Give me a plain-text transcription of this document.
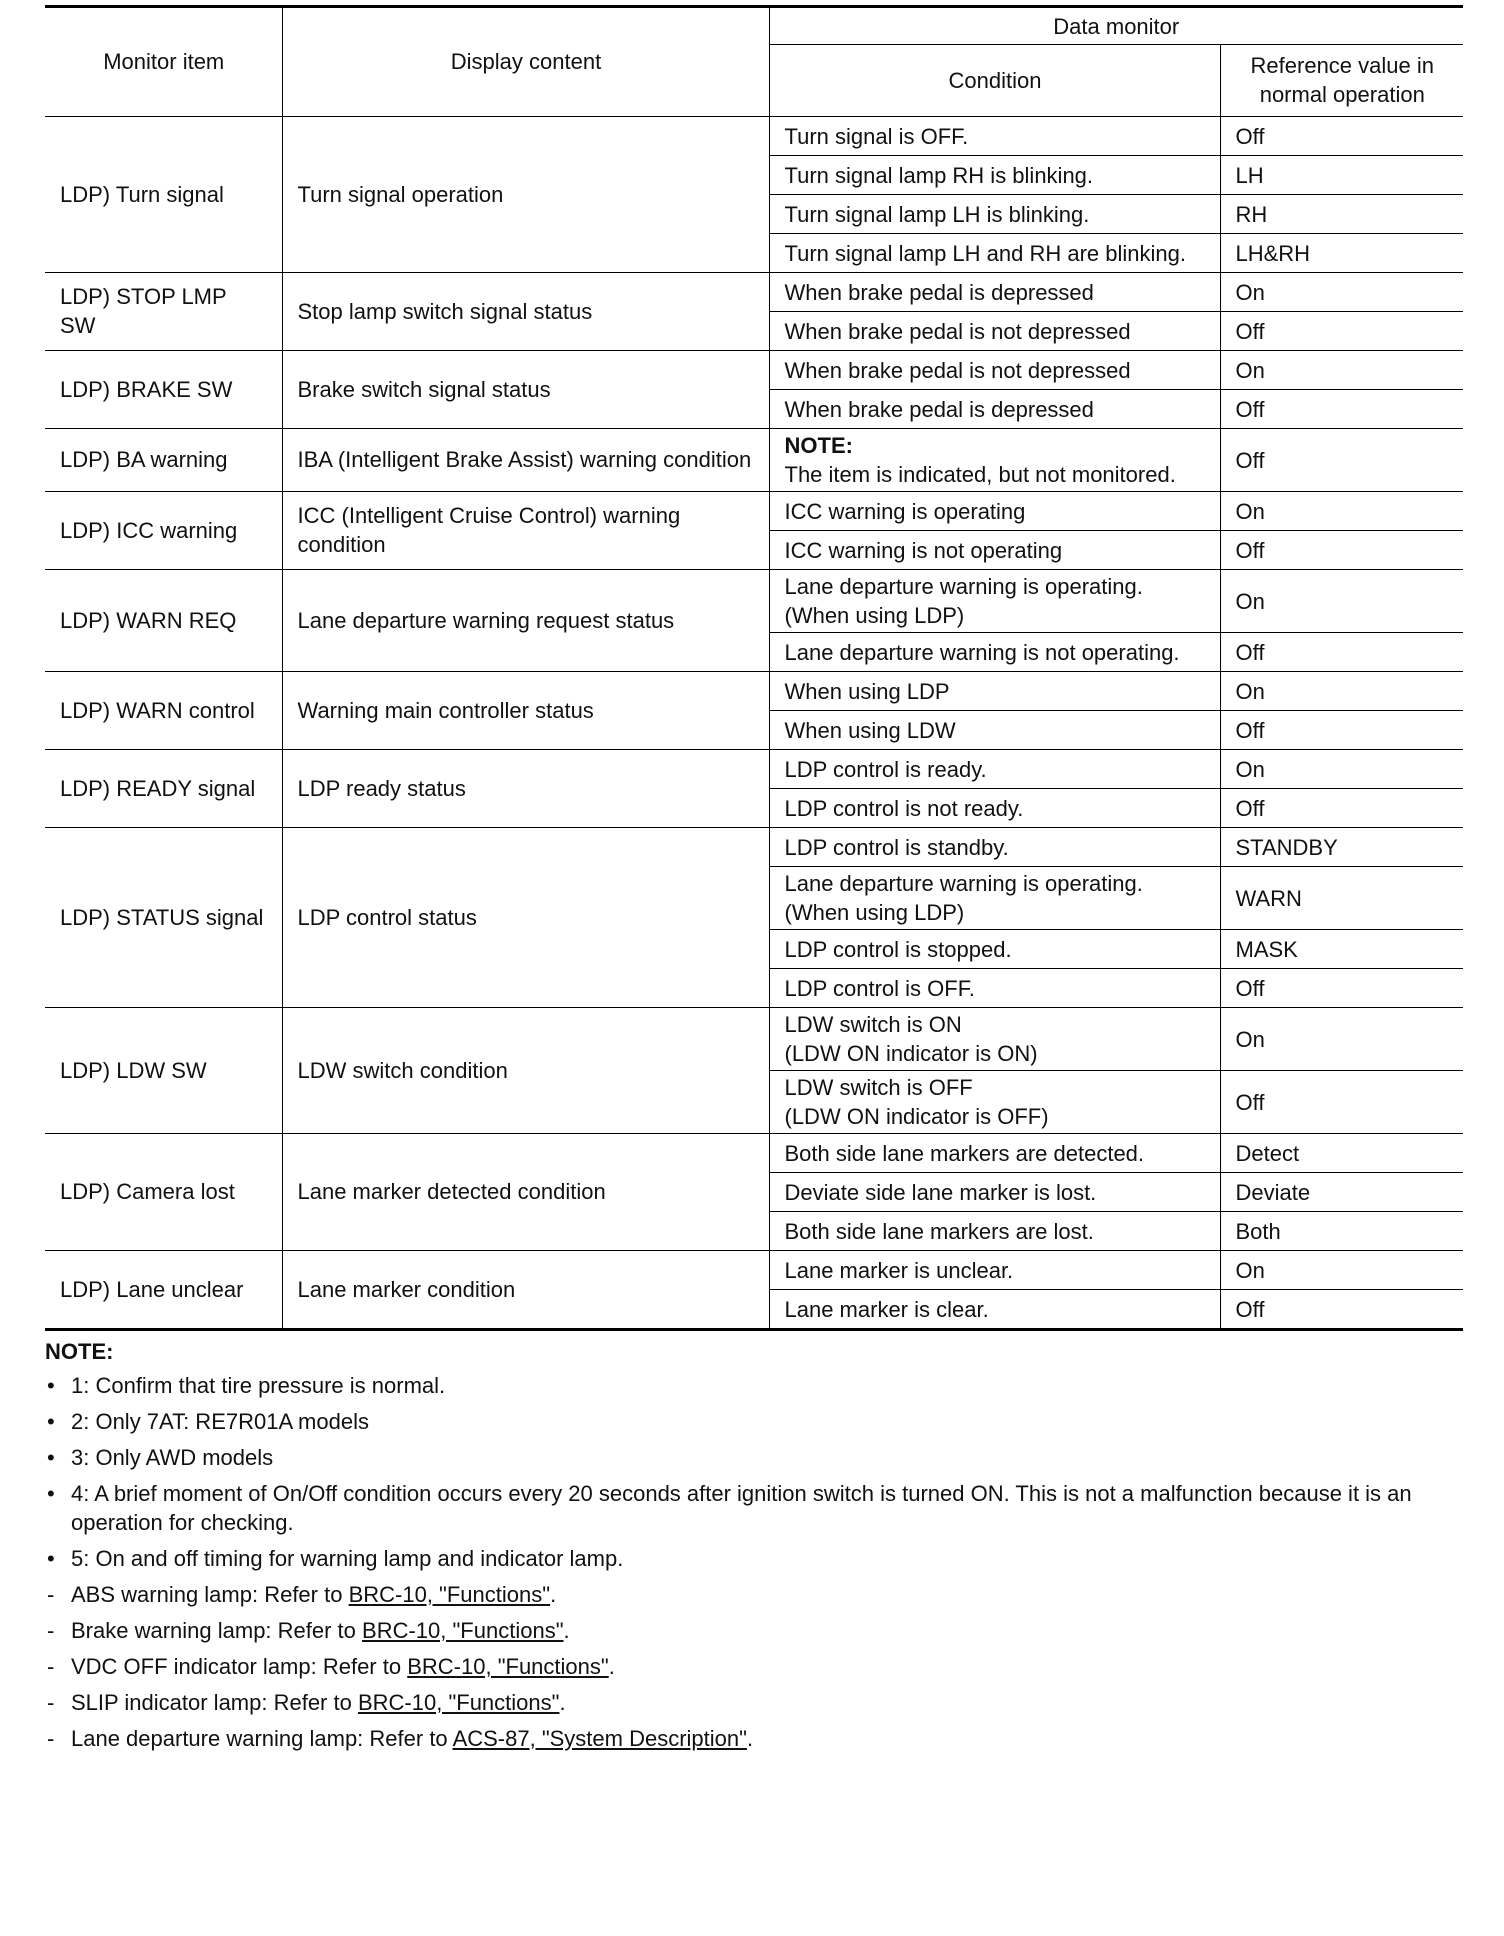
Monitor item	Display content	Data monitor	
		Condition	Reference value in normal operation
LDP) Turn signal	Turn signal operation	Turn signal is OFF.	Off

		Turn signal lamp RH is blinking.	LH

		Turn signal lamp LH is blinking.	RH

		Turn signal lamp LH and RH are blinking.	LH&RH
LDP) STOP LMP SW	Stop lamp switch signal status	When brake pedal is depressed	On

		When brake pedal is not depressed	Off
LDP) BRAKE SW	Brake switch signal status	When brake pedal is not depressed	On

		When brake pedal is depressed	Off
LDP) BA warning	IBA (Intelligent Brake Assist) warning condition	NOTE:
The item is indicated, but not monitored.	Off
LDP) ICC warning	ICC (Intelligent Cruise Control) warning condition	ICC warning is operating	On

		ICC warning is not operating	Off
LDP) WARN REQ	Lane departure warning request status	Lane departure warning is operating.
(When using LDP)	On

		Lane departure warning is not operating.	Off
LDP) WARN control	Warning main controller status	When using LDP	On

		When using LDW	Off
LDP) READY signal	LDP ready status	LDP control is ready.	On

		LDP control is not ready.	Off
LDP) STATUS signal	LDP control status	LDP control is standby.	STANDBY

		Lane departure warning is operating.
(When using LDP)	WARN

		LDP control is stopped.	MASK

		LDP control is OFF.	Off
LDP) LDW SW	LDW switch condition	LDW switch is ON
(LDW ON indicator is ON)	On

		LDW switch is OFF
(LDW ON indicator is OFF)	Off
LDP) Camera lost	Lane marker detected condition	Both side lane markers are detected.	Detect

		Deviate side lane marker is lost.	Deviate

		Both side lane markers are lost.	Both
LDP) Lane unclear	Lane marker condition	Lane marker is unclear.	On

		Lane marker is clear.	Off
NOTE:
• 1: Confirm that tire pressure is normal.
• 2: Only 7AT: RE7R01A models
• 3: Only AWD models
• 4: A brief moment of On/Off condition occurs every 20 seconds after ignition switch is turned ON. This is not a malfunction because it is an operation for checking.
• 5: On and off timing for warning lamp and indicator lamp.
- ABS warning lamp: Refer to BRC-10, "Functions".
- Brake warning lamp: Refer to BRC-10, "Functions".
- VDC OFF indicator lamp: Refer to BRC-10, "Functions".
- SLIP indicator lamp: Refer to BRC-10, "Functions".
- Lane departure warning lamp: Refer to ACS-87, "System Description".
